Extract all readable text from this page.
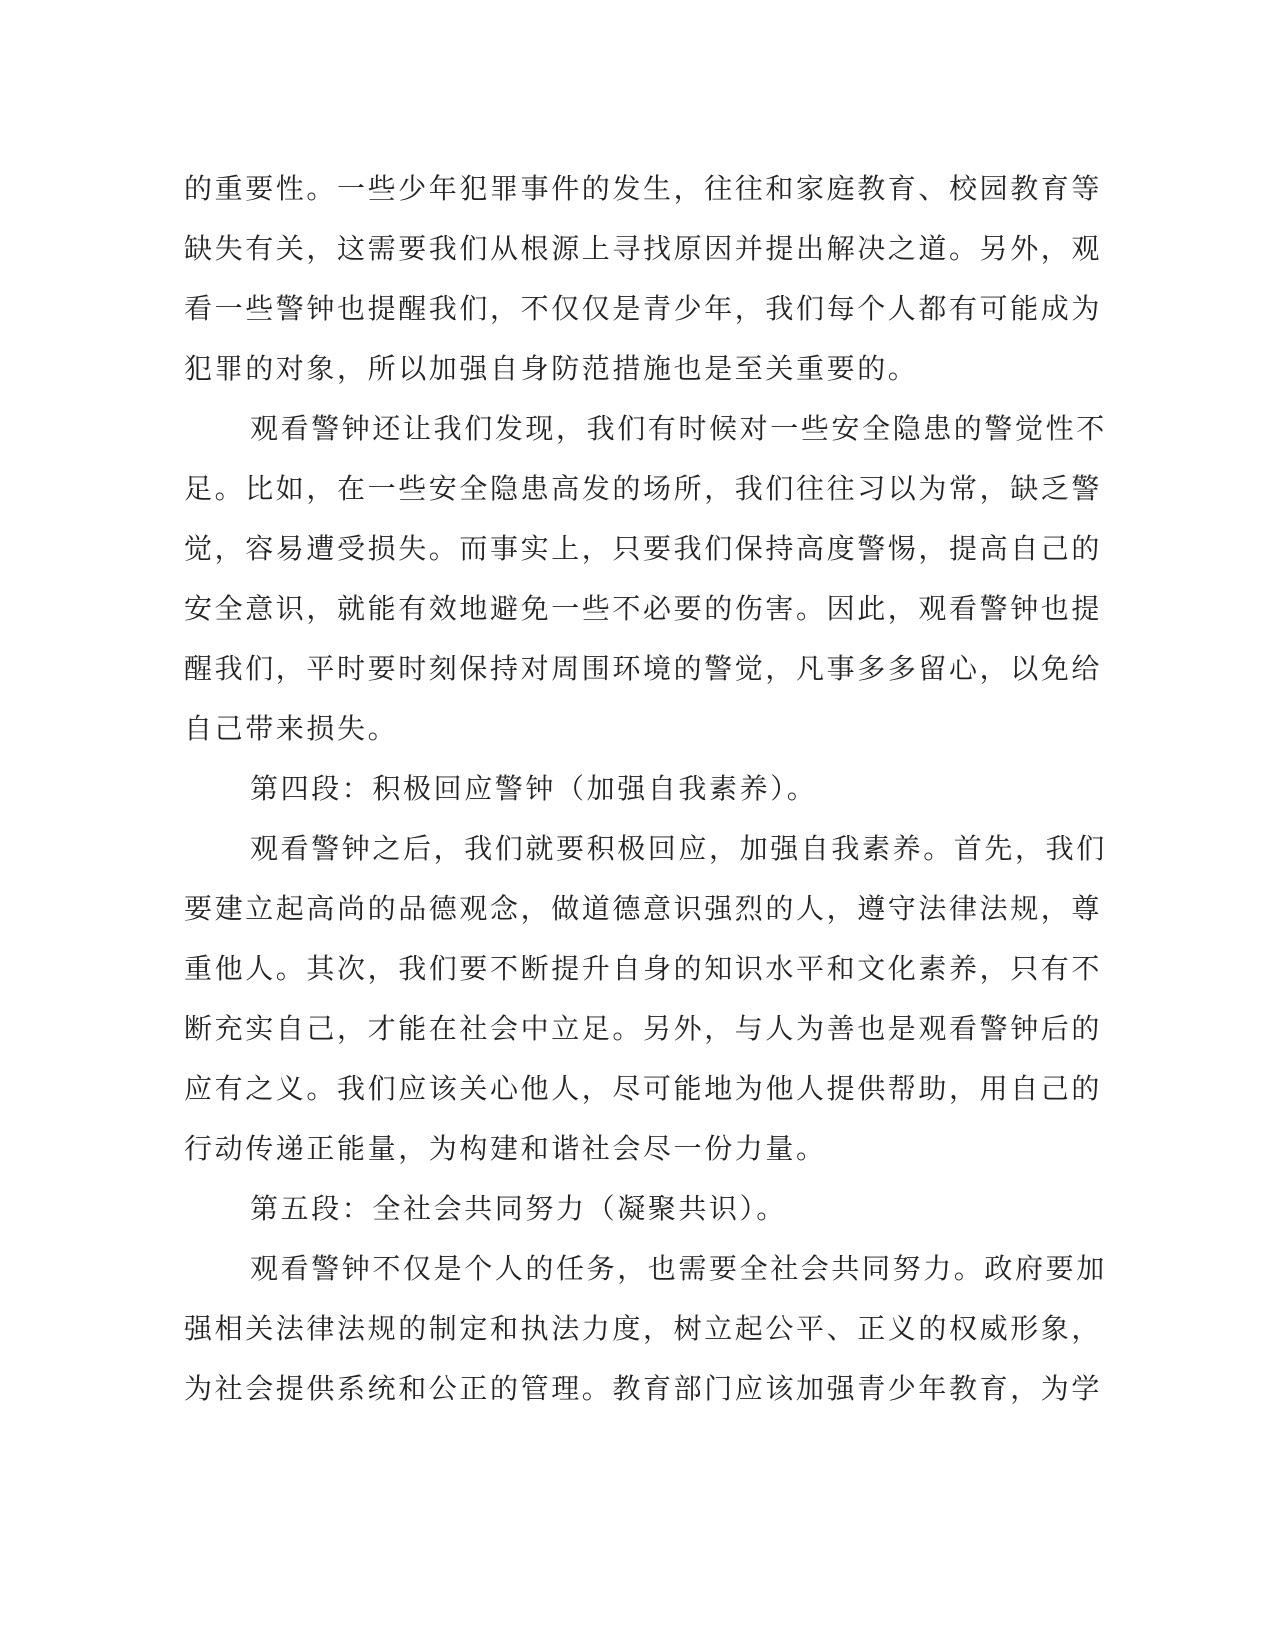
的重要性。一些少年犯罪事件的发生，往往和家庭教育、校园教育等
缺失有关，这需要我们从根源上寻找原因并提出解决之道。另外，观
看一些警钟也提醒我们，不仅仅是青少年，我们每个人都有可能成为
犯罪的对象，所以加强自身防范措施也是至关重要的。

观看警钟还让我们发现，我们有时候对一些安全隐患的警觉性不
足。比如，在一些安全隐患高发的场所，我们往往习以为常，缺乏警
觉，容易遭受损失。而事实上，只要我们保持高度警惕，提高自己的
安全意识，就能有效地避免一些不必要的伤害。因此，观看警钟也提
醒我们，平时要时刻保持对周围环境的警觉，凡事多多留心，以免给
自己带来损失。

第四段：积极回应警钟（加强自我素养）。

观看警钟之后，我们就要积极回应，加强自我素养。首先，我们
要建立起高尚的品德观念，做道德意识强烈的人，遵守法律法规，尊
重他人。其次，我们要不断提升自身的知识水平和文化素养，只有不
断充实自己，才能在社会中立足。另外，与人为善也是观看警钟后的
应有之义。我们应该关心他人，尽可能地为他人提供帮助，用自己的
行动传递正能量，为构建和谐社会尽一份力量。

第五段：全社会共同努力（凝聚共识）。

观看警钟不仅是个人的任务，也需要全社会共同努力。政府要加
强相关法律法规的制定和执法力度，树立起公平、正义的权威形象，
为社会提供系统和公正的管理。教育部门应该加强青少年教育，为学
